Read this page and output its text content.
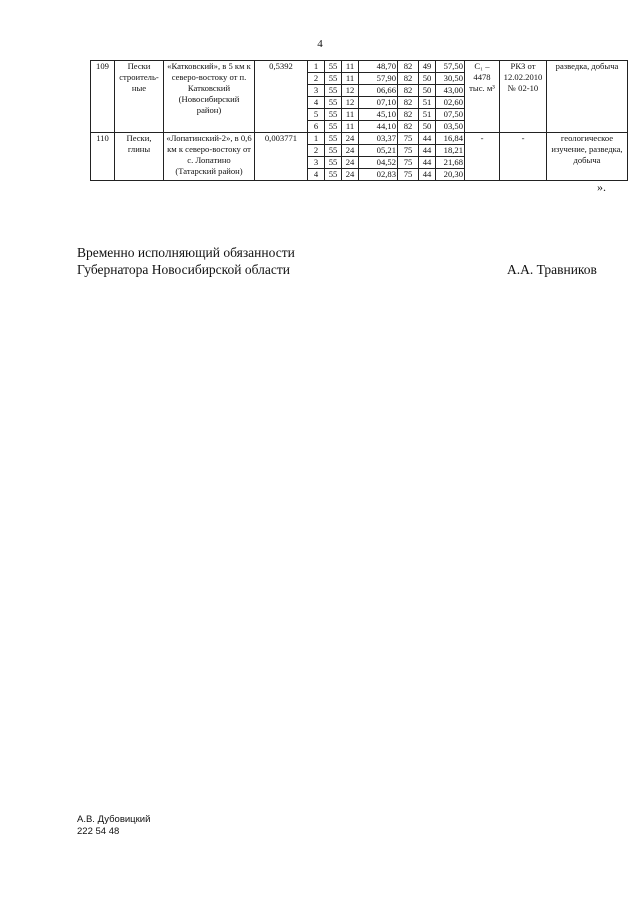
4
109	Пески строитель-ные	«Катковский», в 5 км к северо-востоку от п. Катковский (Новосибирский район)	0,5392	1	55	11	48,70	82	49	57,50	C₁ – 4478 тыс. м³	РКЗ от 12.02.2010 № 02-10	разведка, добыча
				2	55	11	57,90	82	50	30,50			
				3	55	12	06,66	82	50	43,00			
				4	55	12	07,10	82	51	02,60			
				5	55	11	45,10	82	51	07,50			
				6	55	11	44,10	82	50	03,50			
110	Пески, глины	«Лопатинский-2», в 0,6 км к северо-востоку от с. Лопатино (Татарский район)	0,003771	1	55	24	03,37	75	44	16,84	-	-	геологическое изучение, разведка, добыча
				2	55	24	05,21	75	44	18,21			
				3	55	24	04,52	75	44	21,68			
				4	55	24	02,83	75	44	20,30			
».
Временно исполняющий обязанности
Губернатора Новосибирской области	А.А. Травников
А.В. Дубовицкий
222 54 48
